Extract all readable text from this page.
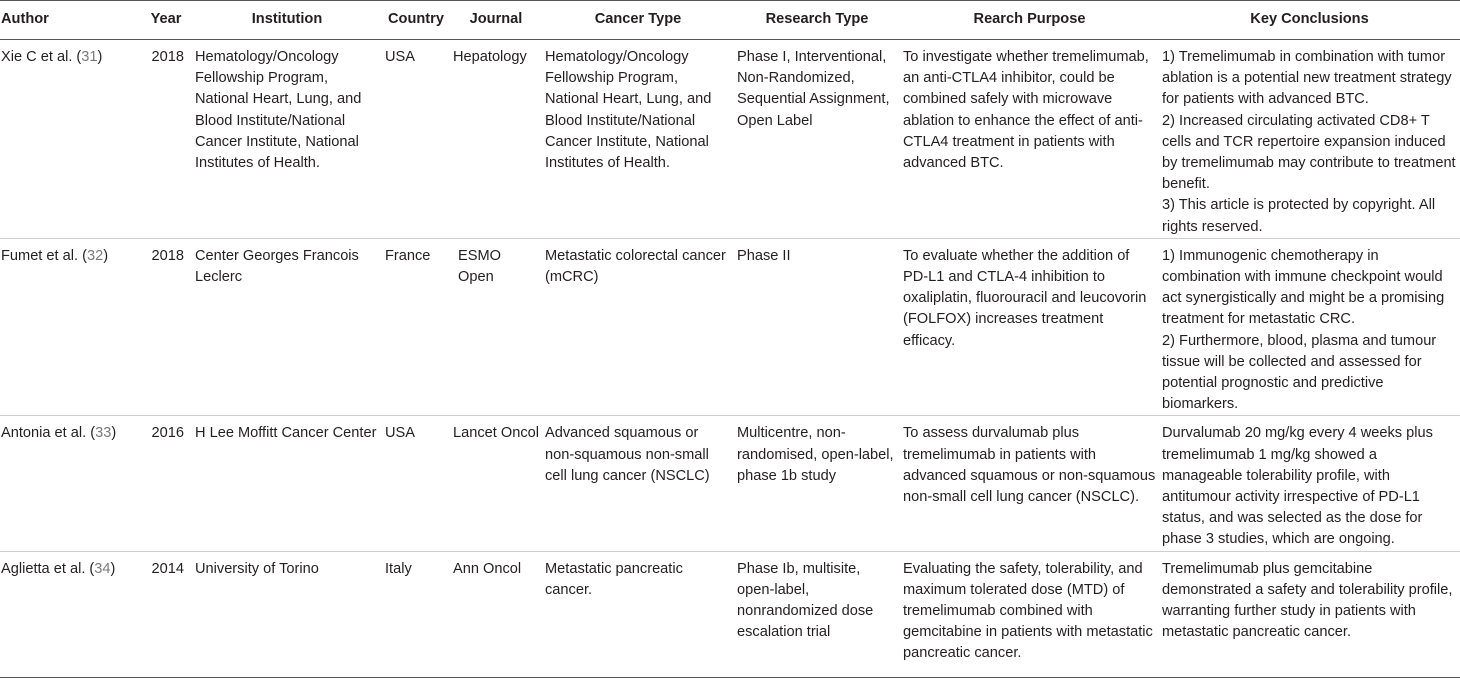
Author	Year	Institution	Country	Journal	Cancer Type	Research Type	Rearch Purpose	Key Conclusions
Xie C et al. (31)	2018	Hematology/Oncology Fellowship Program, National Heart, Lung, and Blood Institute/National Cancer Institute, National Institutes of Health.	USA	Hepatology	Hematology/Oncology Fellowship Program, National Heart, Lung, and Blood Institute/National Cancer Institute, National Institutes of Health.	Phase I, Interventional, Non-Randomized, Sequential Assignment, Open Label	To investigate whether tremelimumab, an anti-CTLA4 inhibitor, could be combined safely with microwave ablation to enhance the effect of anti-CTLA4 treatment in patients with advanced BTC.	1) Tremelimumab in combination with tumor ablation is a potential new treatment strategy for patients with advanced BTC.
2) Increased circulating activated CD8+ T cells and TCR repertoire expansion induced by tremelimumab may contribute to treatment benefit.
3) This article is protected by copyright. All rights reserved.

Fumet et al. (32)	2018	Center Georges Francois Leclerc	France	ESMO Open	Metastatic colorectal cancer (mCRC)	Phase II	To evaluate whether the addition of PD-L1 and CTLA-4 inhibition to oxaliplatin, fluorouracil and leucovorin (FOLFOX) increases treatment efficacy.	1) Immunogenic chemotherapy in combination with immune checkpoint would act synergistically and might be a promising treatment for metastatic CRC.
2) Furthermore, blood, plasma and tumour tissue will be collected and assessed for potential prognostic and predictive biomarkers.

Antonia et al. (33)	2016	H Lee Moffitt Cancer Center	USA	Lancet Oncol	Advanced squamous or non-squamous non-small cell lung cancer (NSCLC)	Multicentre, non-randomised, open-label, phase 1b study	To assess durvalumab plus tremelimumab in patients with advanced squamous or non-squamous non-small cell lung cancer (NSCLC).	Durvalumab 20 mg/kg every 4 weeks plus tremelimumab 1 mg/kg showed a manageable tolerability profile, with antitumour activity irrespective of PD-L1 status, and was selected as the dose for phase 3 studies, which are ongoing.

Aglietta et al. (34)	2014	University of Torino	Italy	Ann Oncol	Metastatic pancreatic cancer.	Phase Ib, multisite, open-label, nonrandomized dose escalation trial	Evaluating the safety, tolerability, and maximum tolerated dose (MTD) of tremelimumab combined with gemcitabine in patients with metastatic pancreatic cancer.	Tremelimumab plus gemcitabine demonstrated a safety and tolerability profile, warranting further study in patients with metastatic pancreatic cancer.
